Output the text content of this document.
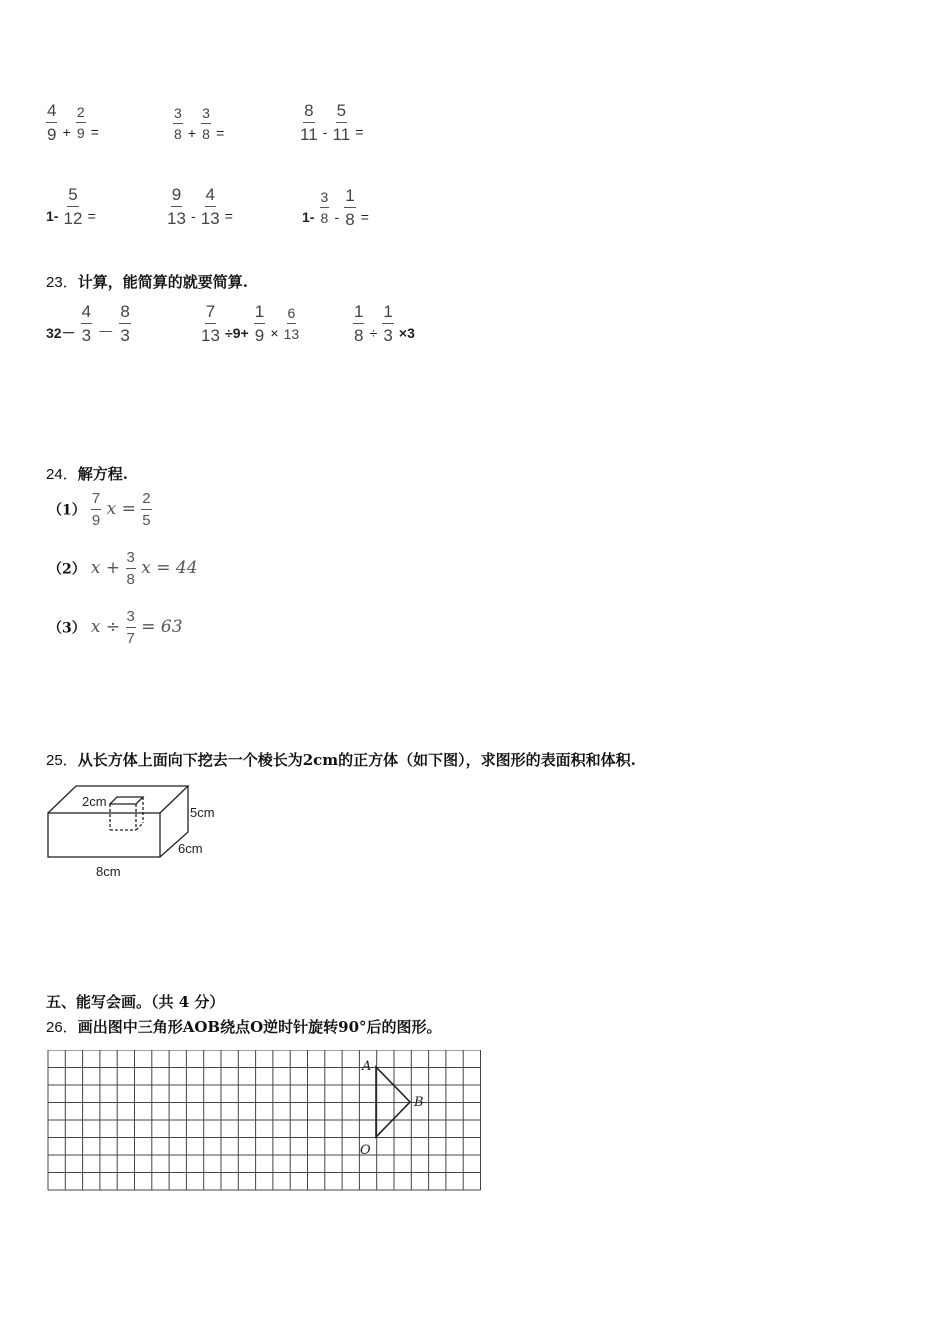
$\frac{4}{9} + \frac{2}{9}$ =	$\frac{3}{8} + \frac{3}{8}$ =	$\frac{8}{11} - \frac{5}{11}$ =
$1- \frac{5}{12}$ =	$\frac{9}{13} - \frac{4}{13}$ =	$1- \frac{3}{8} - \frac{1}{8}$ =
23．计算，能简算的就要简算.
$32- \frac{4}{3} - \frac{8}{3}$	$\frac{7}{13} \div 9+ \frac{1}{9} \times \frac{6}{13}$	$\frac{1}{8} \div \frac{1}{3} \times 3$
24．解方程.
$(1) \frac{7}{9}$ $x = \frac{2}{5}$
（2） $x + \frac{3}{8}$ x = 44
（3） $x \div \frac{3}{7} = 63$
25．从长方体上面向下挖去一个棱长为2cm的正方体（如下图），求图形的表面积和体积.
2cm
5cm
6cm
8cm
五、能写会画。（共 4 分）
26．画出图中三角形AOB绕点O逆时针旋转90°后的图形。
A
B
O
